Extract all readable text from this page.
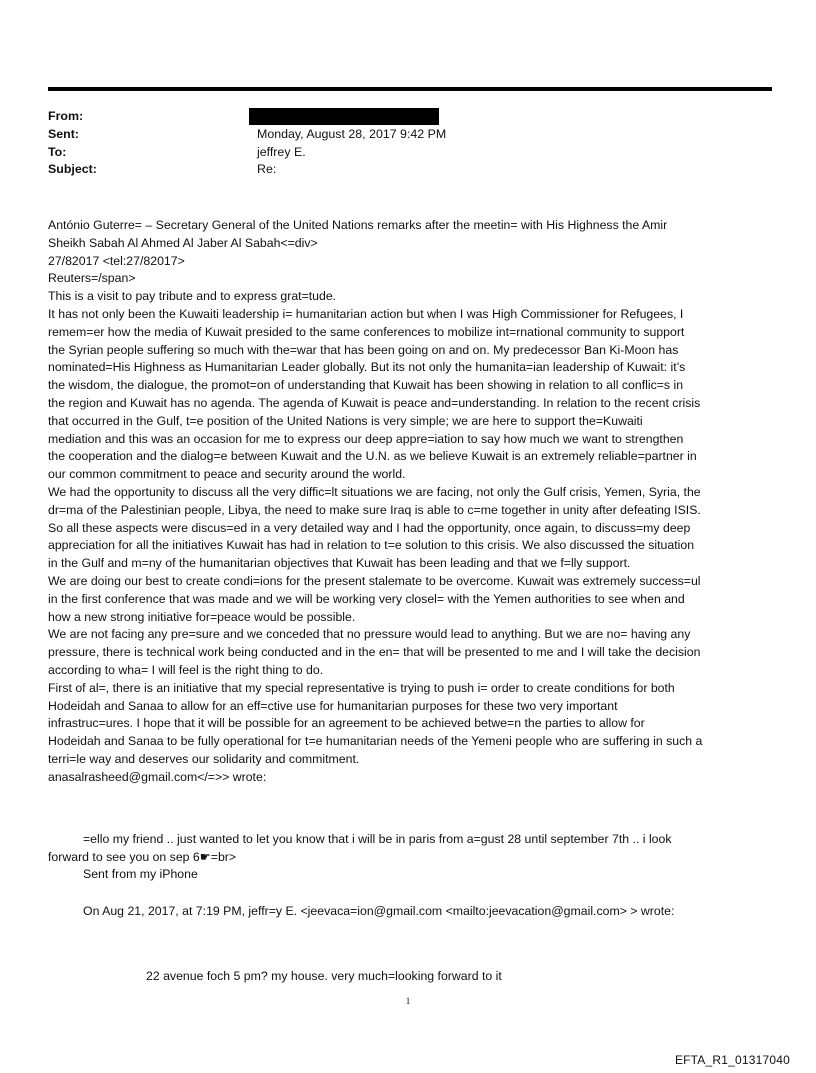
From:
Sent:	Monday, August 28, 2017 9:42 PM
To:	jeffrey E.
Subject:	Re:

António Guterre= – Secretary General of the United Nations remarks after the meetin= with His Highness the Amir

Sheikh Sabah Al Ahmed Al Jaber Al Sabah<=div>

27/82017 <tel:27/82017>

Reuters=/span>

This is a visit to pay tribute and to express grat=tude.

It has not only been the Kuwaiti leadership i= humanitarian action but when I was High Commissioner for Refugees, I

remem=er how the media of Kuwait presided to the same conferences to mobilize int=rnational community to support

the Syrian people suffering so much with the=war that has been going on and on. My predecessor Ban Ki-Moon has

nominated=His Highness as Humanitarian Leader globally. But its not only the humanita=ian leadership of Kuwait: it’s

the wisdom, the dialogue, the promot=on of understanding that Kuwait has been showing in relation to all conflic=s in

the region and Kuwait has no agenda. The agenda of Kuwait is peace and=understanding. In relation to the recent crisis

that occurred in the Gulf, t=e position of the United Nations is very simple; we are here to support the=Kuwaiti

mediation and this was an occasion for me to express our deep appre=iation to say how much we want to strengthen

the cooperation and the dialog=e between Kuwait and the U.N. as we believe Kuwait is an extremely reliable=partner in

our common commitment to peace and security around the world.

We had the opportunity to discuss all the very diffic=lt situations we are facing, not only the Gulf crisis, Yemen, Syria, the

dr=ma of the Palestinian people, Libya, the need to make sure Iraq is able to c=me together in unity after defeating ISIS.

So all these aspects were discus=ed in a very detailed way and I had the opportunity, once again, to discuss=my deep

appreciation for all the initiatives Kuwait has had in relation to t=e solution to this crisis. We also discussed the situation

in the Gulf and m=ny of the humanitarian objectives that Kuwait has been leading and that we f=lly support.

We are doing our best to create condi=ions for the present stalemate to be overcome. Kuwait was extremely success=ul

in the first conference that was made and we will be working very closel= with the Yemen authorities to see when and

how a new strong initiative for=peace would be possible.

We are not facing any pre=sure and we conceded that no pressure would lead to anything. But we are no= having any

pressure, there is technical work being conducted and in the en= that will be presented to me and I will take the decision

according to wha= I will feel is the right thing to do.

First of al=, there is an initiative that my special representative is trying to push i= order to create conditions for both

Hodeidah and Sanaa to allow for an eff=ctive use for humanitarian purposes for these two very important

infrastruc=ures. I hope that it will be possible for an agreement to be achieved betwe=n the parties to allow for

Hodeidah and Sanaa to be fully operational for t=e humanitarian needs of the Yemeni people who are suffering in such a

terri=le way and deserves our solidarity and commitment.

anasalrasheed@gmail.com</=>> wrote:

=ello my friend .. just wanted to let you know that i will be in paris from a=gust 28 until september 7th .. i look
forward to see you on sep 6☛=br>
Sent from my iPhone
On Aug 21, 2017, at 7:19 PM, jeffr=y E. <jeevaca=ion@gmail.com <mailto:jeevacation@gmail.com> > wrote:
22 avenue foch 5 pm? my house. very much=looking forward to it
1
EFTA_R1_01317040
